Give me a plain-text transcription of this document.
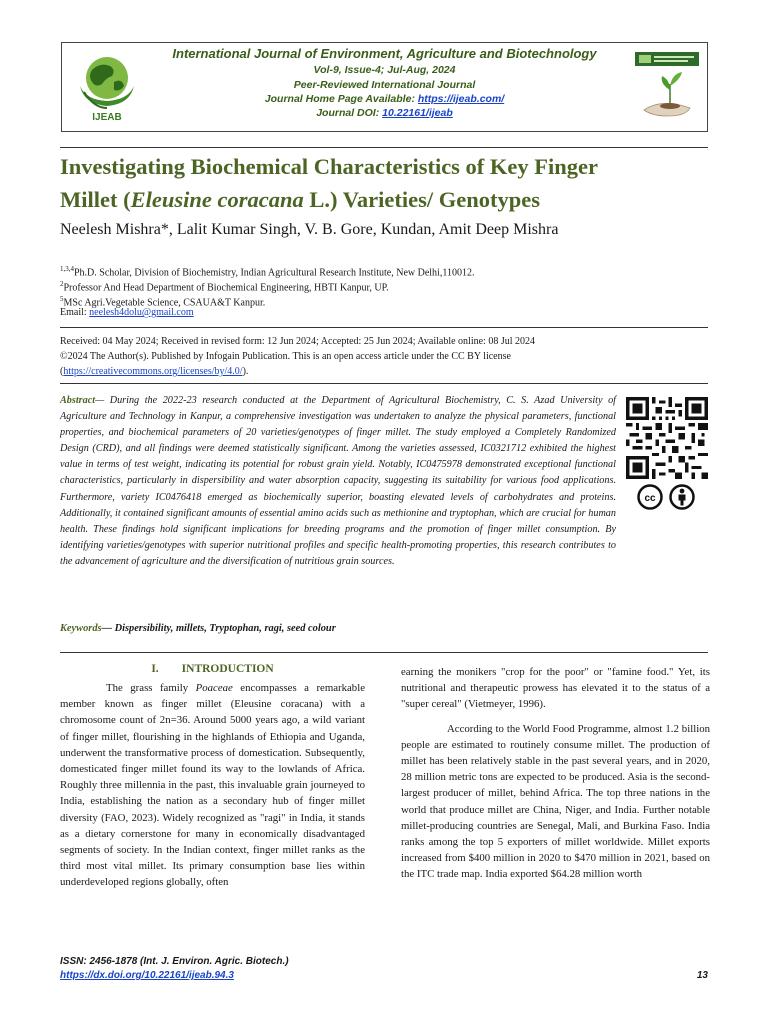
International Journal of Environment, Agriculture and Biotechnology
Vol-9, Issue-4; Jul-Aug, 2024
Peer-Reviewed International Journal
Journal Home Page Available: https://ijeab.com/
Journal DOI: 10.22161/ijeab
IJEAB
Investigating Biochemical Characteristics of Key Finger
Millet (Eleusine coracana L.) Varieties/ Genotypes
Neelesh Mishra*, Lalit Kumar Singh, V. B. Gore, Kundan, Amit Deep Mishra
$^{1,3,4}$Ph.D. Scholar, Division of Biochemistry, Indian Agricultural Research Institute, New Delhi,110012.
$^2$Professor And Head Department of Biochemical Engineering, HBTI Kanpur, UP.
$^5$MSc Agri.Vegetable Science, CSAUA&T Kanpur.
Email: neelesh4dolu@gmail.com
Received: 04 May 2024; Received in revised form: 12 Jun 2024; Accepted: 25 Jun 2024; Available online: 08 Jul 2024
©2024 The Author(s). Published by Infogain Publication. This is an open access article under the CC BY license
(https://creativecommons.org/licenses/by/4.0/).
Abstract— During the 2022-23 research conducted at the Department of Agricultural Biochemistry, C. S. Azad University of Agriculture and Technology in Kanpur, a comprehensive investigation was undertaken to analyze the physical parameters, functional properties, and biochemical parameters of 20 varieties/genotypes of finger millet. The study employed a Completely Randomized Design (CRD), and all findings were deemed statistically significant. Among the varieties assessed, IC0321712 exhibited the highest value in terms of test weight, indicating its potential for robust grain yield. Notably, IC0475978 demonstrated exceptional functional characteristics, particularly in dispersibility and water absorption capacity, suggesting its suitability for various food applications. Furthermore, variety IC0476418 emerged as biochemically superior, boasting elevated levels of carbohydrates and proteins. Additionally, it contained significant amounts of essential amino acids such as methionine and tryptophan, which are crucial for human health. These findings hold significant implications for breeding programs and the promotion of finger millet consumption. By identifying varieties/genotypes with superior nutritional profiles and specific health-promoting properties, this research contributes to the advancement of agriculture and the diversification of nutritious grain sources.
cc
Keywords— Dispersibility, millets, Tryptophan, ragi, seed colour
I.  INTRODUCTION
The grass family Poaceae encompasses a remarkable member known as finger millet (Eleusine coracana) with a chromosome count of 2n=36. Around 5000 years ago, a wild variant of finger millet, flourishing in the highlands of Ethiopia and Uganda, underwent the transformative process of domestication. Subsequently, domesticated finger millet found its way to the lowlands of Africa. Roughly three millennia in the past, this invaluable grain journeyed to India, establishing the nation as a secondary hub of finger millet diversity (FAO, 2023). Widely recognized as "ragi" in India, it stands as a dietary cornerstone for many in economically disadvantaged segments of society. In the Indian context, finger millet ranks as the third most vital millet. Its primary consumption base lies within underdeveloped regions globally, often
earning the monikers "crop for the poor" or "famine food." Yet, its nutritional and therapeutic prowess has elevated it to the status of a "super cereal" (Vietmeyer, 1996).
According to the World Food Programme, almost 1.2 billion people are estimated to routinely consume millet. The production of millet has been relatively stable in the past several years, and in 2020, 28 million metric tons are expected to be produced. Asia is the second-largest producer of millet, behind Africa. The top three nations in the world that produce millet are China, Niger, and India. Further notable millet-producing countries are Senegal, Mali, and Burkina Faso. India ranks among the top 5 exporters of millet worldwide. Millet exports increased from $400 million in 2020 to $470 million in 2021, based on the ITC trade map. India exported $64.28 million worth
ISSN: 2456-1878 (Int. J. Environ. Agric. Biotech.)
https://dx.doi.org/10.22161/ijeab.94.3	13
